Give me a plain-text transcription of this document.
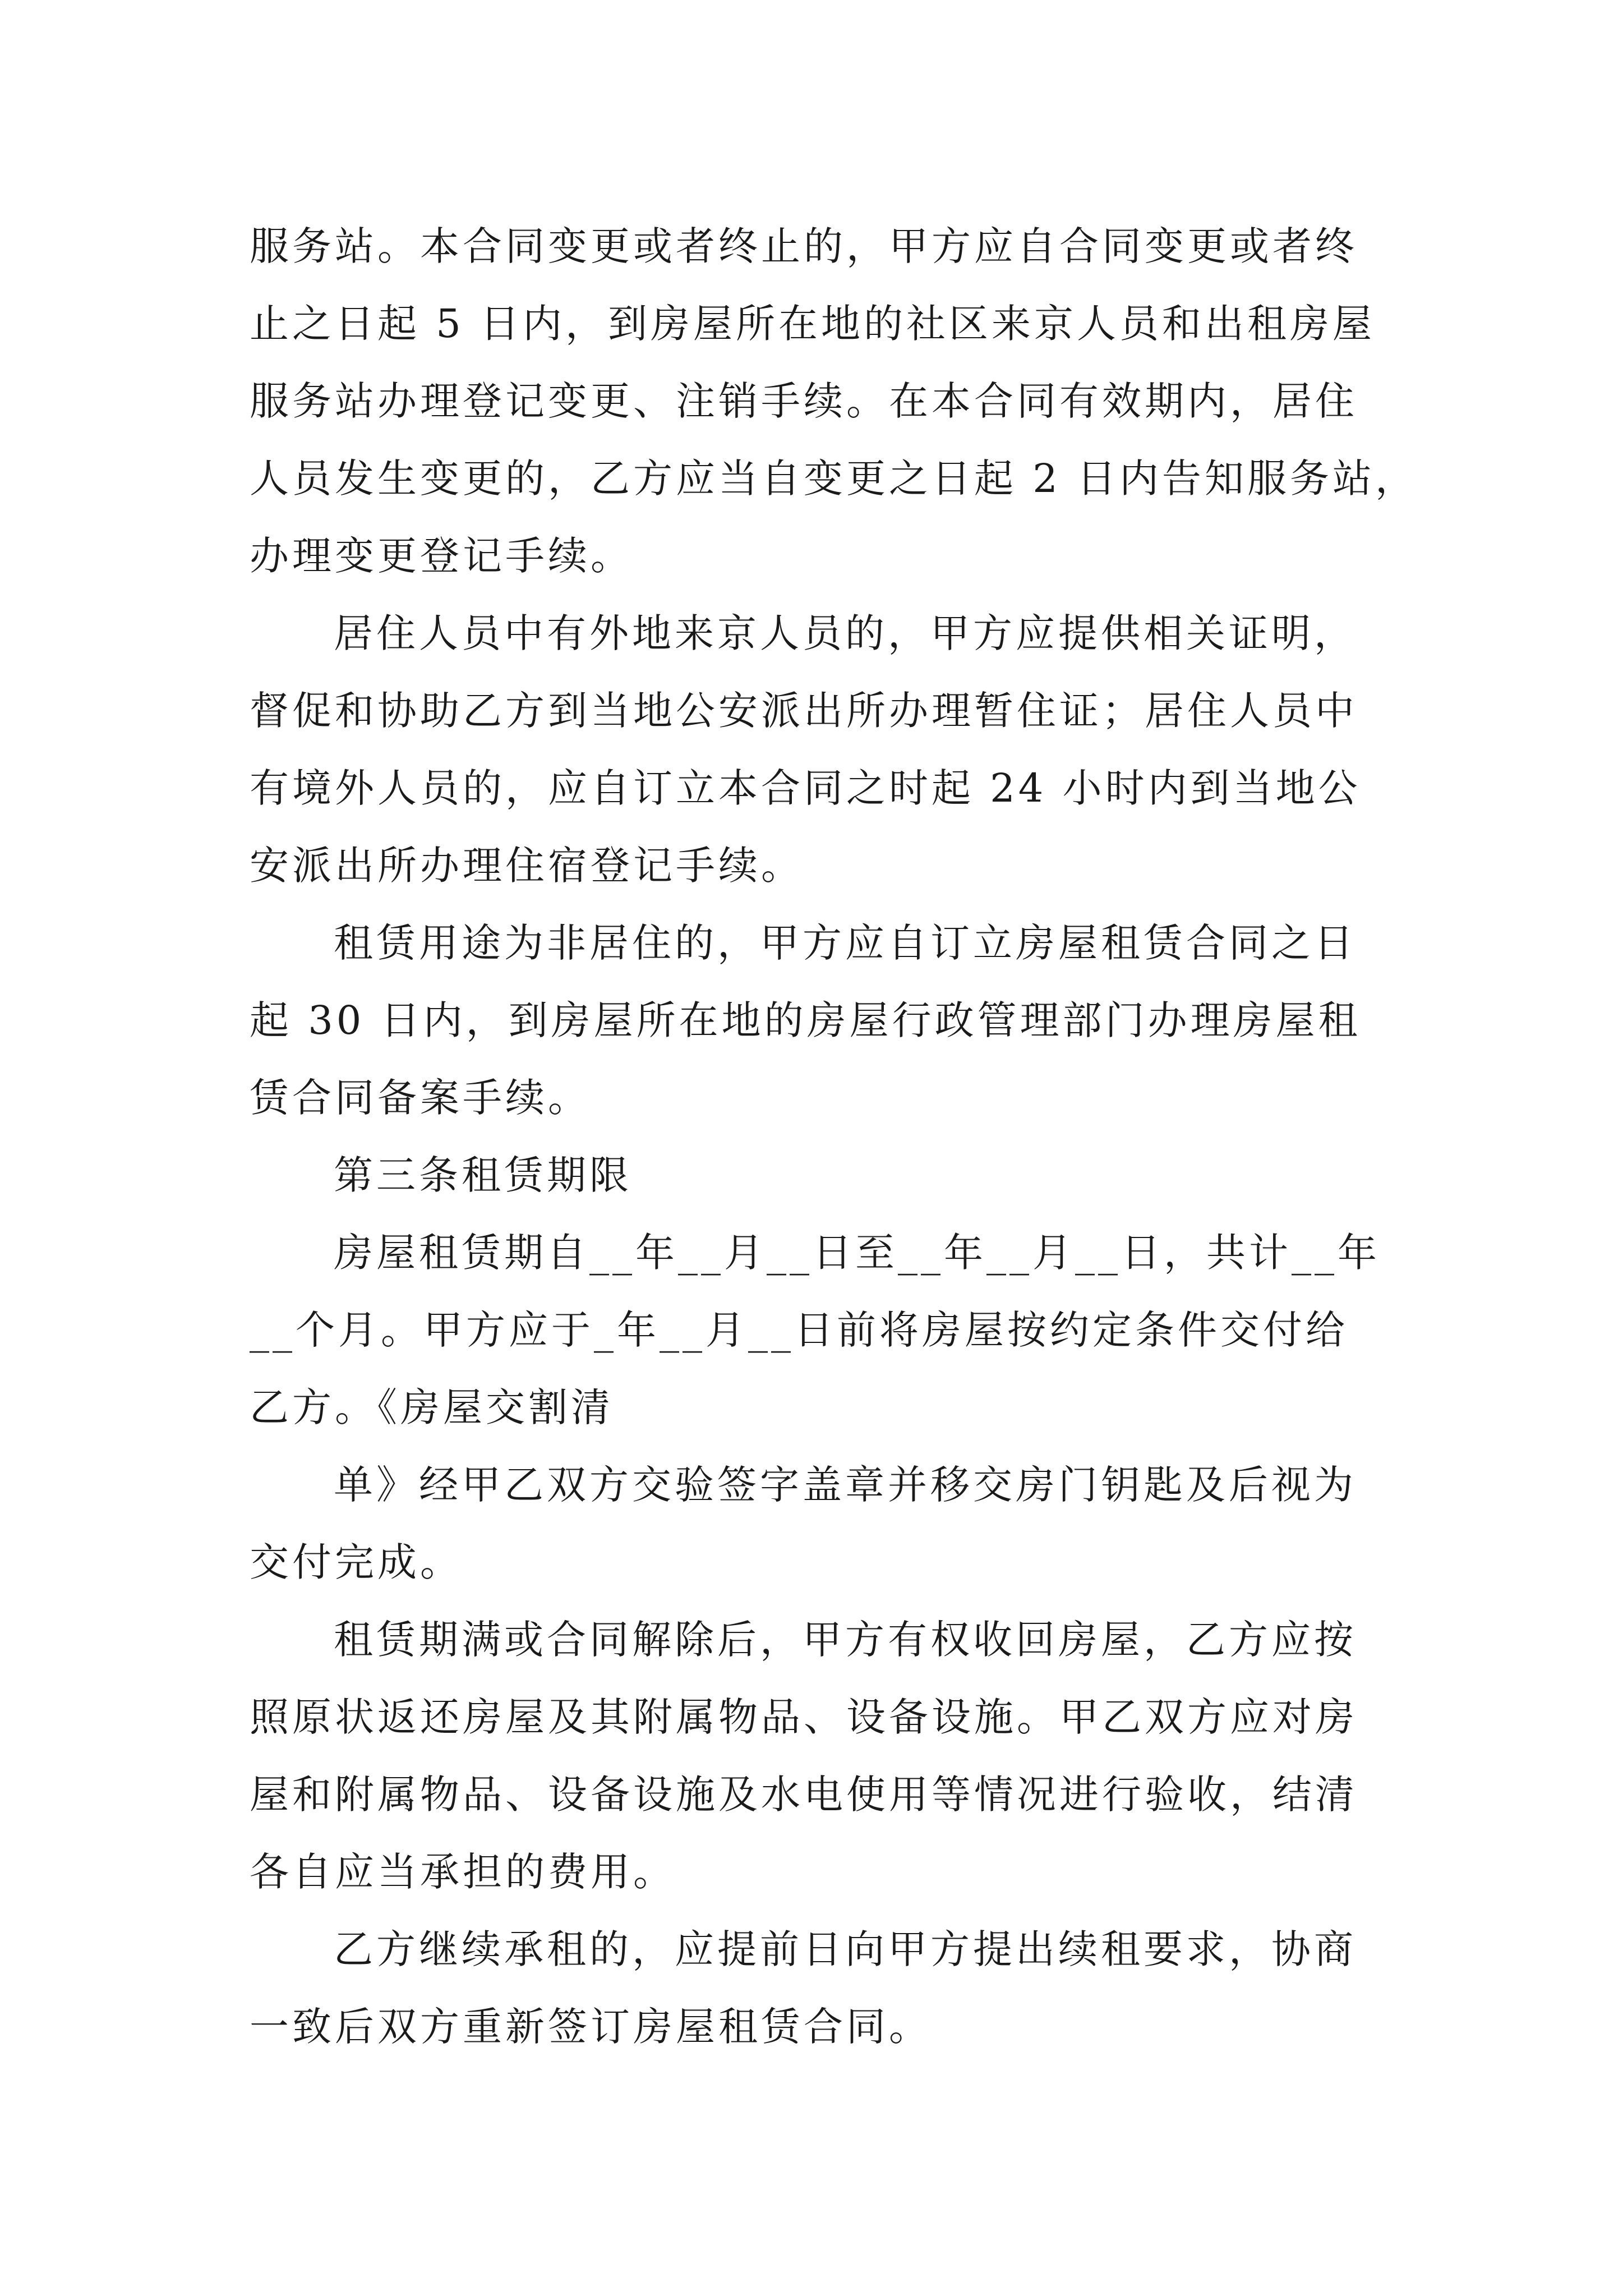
服务站。本合同变更或者终止的，甲方应自合同变更或者终
止之日起 5 日内，到房屋所在地的社区来京人员和出租房屋
服务站办理登记变更、注销手续。在本合同有效期内，居住
人员发生变更的，乙方应当自变更之日起 2 日内告知服务站，
办理变更登记手续。
居住人员中有外地来京人员的，甲方应提供相关证明，
督促和协助乙方到当地公安派出所办理暂住证；居住人员中
有境外人员的，应自订立本合同之时起 24 小时内到当地公
安派出所办理住宿登记手续。
租赁用途为非居住的，甲方应自订立房屋租赁合同之日
起 30 日内，到房屋所在地的房屋行政管理部门办理房屋租
赁合同备案手续。
第三条租赁期限
房屋租赁期自__年__月__日至__年__月__日，共计__年
__个月。甲方应于_年__月__日前将房屋按约定条件交付给
乙方。《房屋交割清
单》经甲乙双方交验签字盖章并移交房门钥匙及后视为
交付完成。
租赁期满或合同解除后，甲方有权收回房屋，乙方应按
照原状返还房屋及其附属物品、设备设施。甲乙双方应对房
屋和附属物品、设备设施及水电使用等情况进行验收，结清
各自应当承担的费用。
乙方继续承租的，应提前日向甲方提出续租要求，协商
一致后双方重新签订房屋租赁合同。
